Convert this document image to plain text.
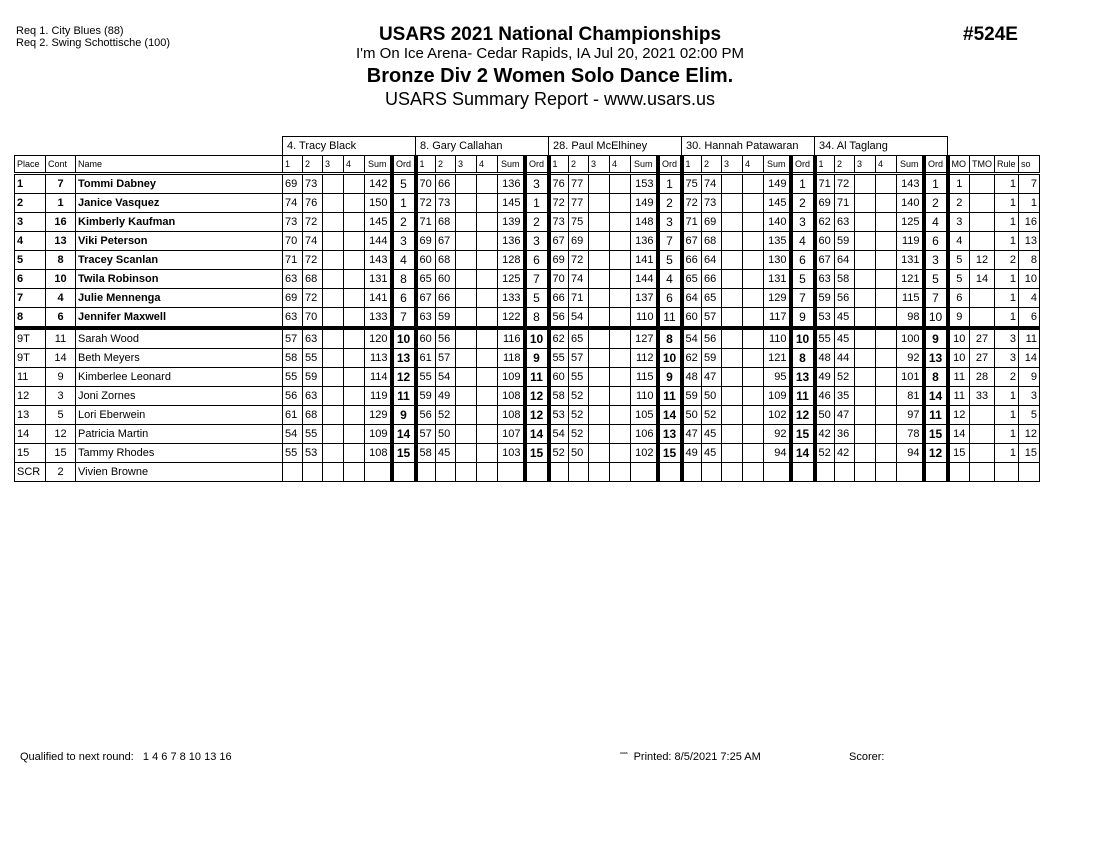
Req 1. City Blues (88)
Req 2. Swing Schottische (100)	USARS 2021 National Championships
I'm On Ice Arena- Cedar Rapids, IA Jul 20, 2021 02:00 PM
Bronze Div 2 Women Solo Dance Elim.
USARS Summary Report - www.usars.us
#524E
			4. Tracy Black						8. Gary Callahan						28. Paul McElhiney						30. Hannah Patawaran						34. Al Taglang									
Place	Cont	Name	1	2	3	4	Sum	Ord	1	2	3	4	Sum	Ord	1	2	3	4	Sum	Ord	1	2	3	4	Sum	Ord	1	2	3	4	Sum	Ord	MO	TMO	Rule	so
1	7	Tommi Dabney	69	73			142	5	70	66			136	3	76	77			153	1	75	74			149	1	71	72			143	1	1		1	7
2	1	Janice Vasquez	74	76			150	1	72	73			145	1	72	77			149	2	72	73			145	2	69	71			140	2	2		1	1
3	16	Kimberly Kaufman	73	72			145	2	71	68			139	2	73	75			148	3	71	69			140	3	62	63			125	4	3		1	16
4	13	Viki Peterson	70	74			144	3	69	67			136	3	67	69			136	7	67	68			135	4	60	59			119	6	4		1	13
5	8	Tracey Scanlan	71	72			143	4	60	68			128	6	69	72			141	5	66	64			130	6	67	64			131	3	5	12	2	8
6	10	Twila Robinson	63	68			131	8	65	60			125	7	70	74			144	4	65	66			131	5	63	58			121	5	5	14	1	10
7	4	Julie Mennenga	69	72			141	6	67	66			133	5	66	71			137	6	64	65			129	7	59	56			115	7	6		1	4
8	6	Jennifer Maxwell	63	70			133	7	63	59			122	8	56	54			110	11	60	57			117	9	53	45			98	10	9		1	6
9T	11	Sarah Wood	57	63			120	10	60	56			116	10	62	65			127	8	54	56			110	10	55	45			100	9	10	27	3	11
9T	14	Beth Meyers	58	55			113	13	61	57			118	9	55	57			112	10	62	59			121	8	48	44			92	13	10	27	3	14
11	9	Kimberlee Leonard	55	59			114	12	55	54			109	11	60	55			115	9	48	47			95	13	49	52			101	8	11	28	2	9
12	3	Joni Zornes	56	63			119	11	59	49			108	12	58	52			110	11	59	50			109	11	46	35			81	14	11	33	1	3
13	5	Lori Eberwein	61	68			129	9	56	52			108	12	53	52			105	14	50	52			102	12	50	47			97	11	12		1	5
14	12	Patricia Martin	54	55			109	14	57	50			107	14	54	52			106	13	47	45			92	15	42	36			78	15	14		1	12
15	15	Tammy Rhodes	55	53			108	15	58	45			103	15	52	50			102	15	49	45			94	14	52	42			94	12	15		1	15
SCR	2	Vivien Browne																																		
Qualified to next round: 1 4 6 7 8 10 13 16	$^{ᵃᵃᵃᵃ}$ Printed: 8/5/2021 7:25 AM	Scorer:
